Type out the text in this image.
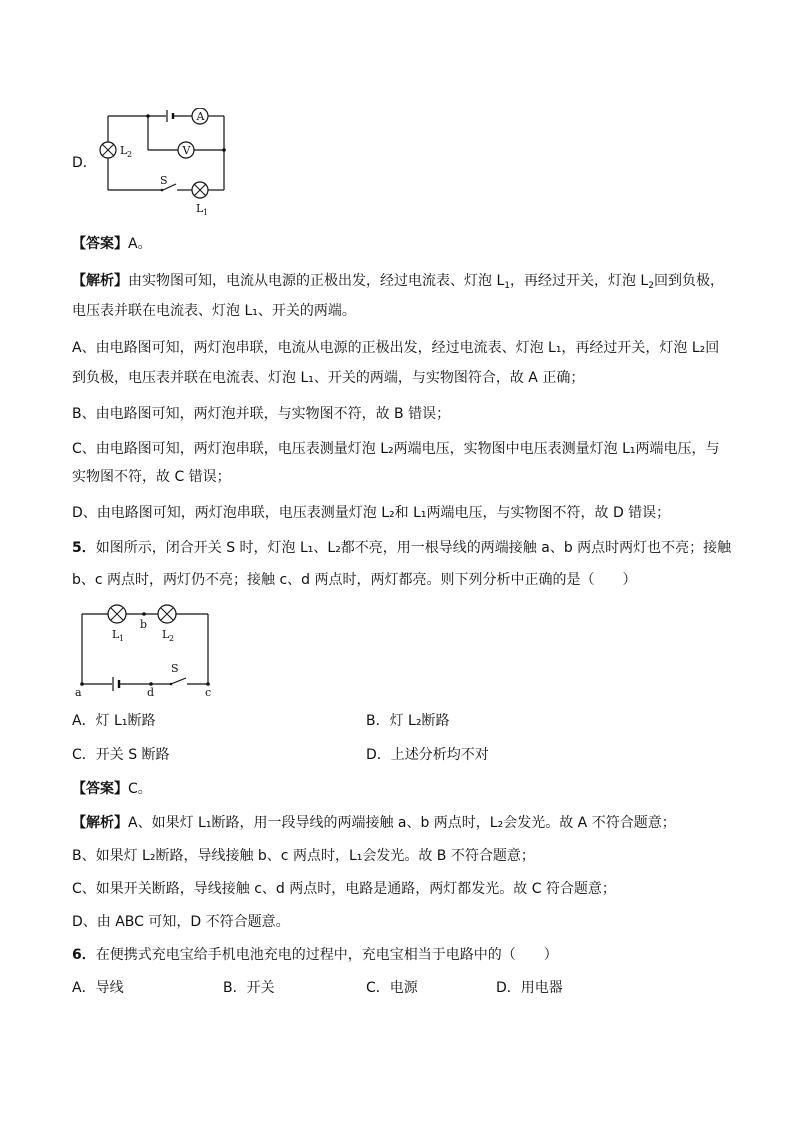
D．
A
V
L 2
S
L 1
【答案】A。
【解析】由实物图可知，电流从电源的正极出发，经过电流表、灯泡 $L_1$，再经过开关，灯泡 $L_2$回到负极，
电压表并联在电流表、灯泡 L₁、开关的两端。
A、由电路图可知，两灯泡串联，电流从电源的正极出发，经过电流表、灯泡 L₁，再经过开关，灯泡 L₂回
到负极，电压表并联在电流表、灯泡 L₁、开关的两端，与实物图符合，故 A 正确；
B、由电路图可知，两灯泡并联，与实物图不符，故 B 错误；
C、由电路图可知，两灯泡串联，电压表测量灯泡 L₂两端电压，实物图中电压表测量灯泡 L₁两端电压，与
实物图不符，故 C 错误；
D、由电路图可知，两灯泡串联，电压表测量灯泡 L₂和 L₁两端电压，与实物图不符，故 D 错误；
5．如图所示，闭合开关 S 时，灯泡 L₁、L₂都不亮，用一根导线的两端接触 a、b 两点时两灯也不亮；接触
b、c 两点时，两灯仍不亮；接触 c、d 两点时，两灯都亮。则下列分析中正确的是（　　）
L 1
b
L 2
S
a	d	c
A．灯 L₁断路	B．灯 L₂断路
C．开关 S 断路	D．上述分析均不对
【答案】C。
【解析】A、如果灯 L₁断路，用一段导线的两端接触 a、b 两点时，L₂会发光。故 A 不符合题意；
B、如果灯 L₂断路，导线接触 b、c 两点时，L₁会发光。故 B 不符合题意；
C、如果开关断路，导线接触 c、d 两点时，电路是通路，两灯都发光。故 C 符合题意；
D、由 ABC 可知，D 不符合题意。
6．在便携式充电宝给手机电池充电的过程中，充电宝相当于电路中的（　　）
A．导线	B．开关	C．电源	D．用电器
